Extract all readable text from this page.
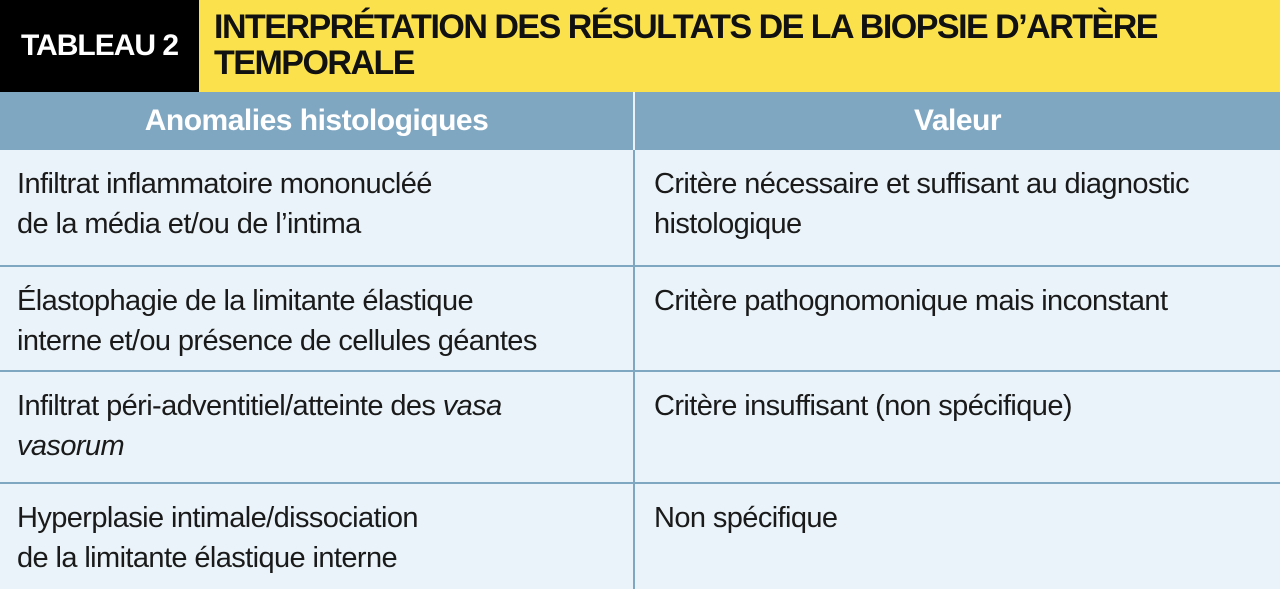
TABLEAU 2 INTERPRÉTATION DES RÉSULTATS DE LA BIOPSIE D’ARTÈRE
TEMPORALE
Anomalies histologiques	Valeur

Infiltrat inflammatoire mononucléé
de la média et/ou de l’intima	Critère nécessaire et suffisant au diagnostic
histologique

Élastophagie de la limitante élastique
interne et/ou présence de cellules géantes	Critère pathognomonique mais inconstant

Infiltrat péri-adventitiel/atteinte des vasa
vasorum	Critère insuffisant (non spécifique)

Hyperplasie intimale/dissociation
de la limitante élastique interne	Non spécifique
